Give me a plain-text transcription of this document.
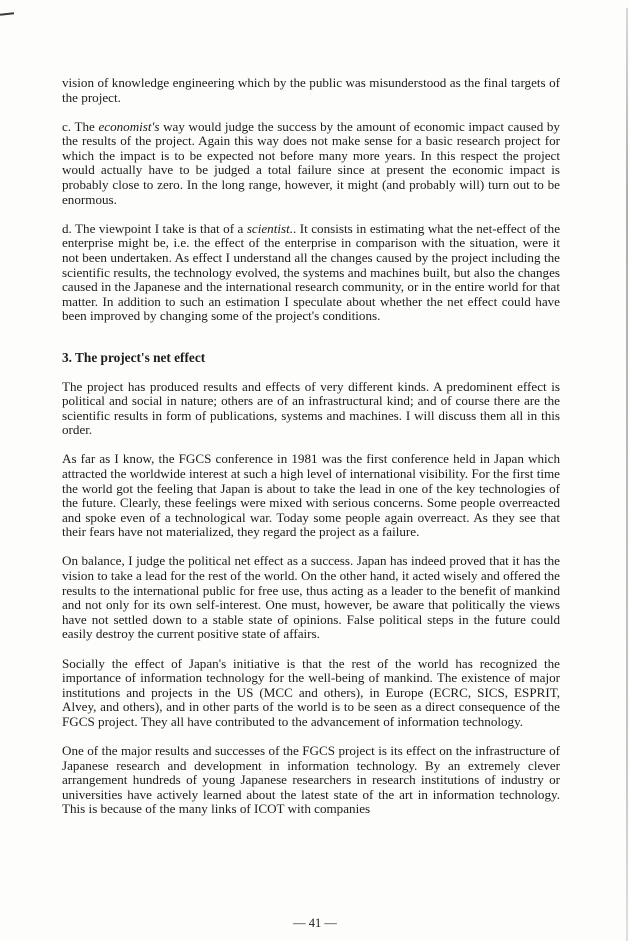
vision of knowledge engineering which by the public was misunderstood as the final targets of the project.

c. The economist's way would judge the success by the amount of economic impact caused by the results of the project. Again this way does not make sense for a basic research project for which the impact is to be expected not before many more years. In this respect the project would actually have to be judged a total failure since at present the economic impact is probably close to zero. In the long range, however, it might (and probably will) turn out to be enormous.

d. The viewpoint I take is that of a scientist.. It consists in estimating what the net-effect of the enterprise might be, i.e. the effect of the enterprise in comparison with the situation, were it not been undertaken. As effect I understand all the changes caused by the project including the scientific results, the technology evolved, the systems and machines built, but also the changes caused in the Japanese and the international research community, or in the entire world for that matter. In addition to such an estimation I speculate about whether the net effect could have been improved by changing some of the project's conditions.

3. The project's net effect

The project has produced results and effects of very different kinds. A predominent effect is political and social in nature; others are of an infrastructural kind; and of course there are the scientific results in form of publications, systems and machines. I will discuss them all in this order.

As far as I know, the FGCS conference in 1981 was the first conference held in Japan which attracted the worldwide interest at such a high level of international visibility. For the first time the world got the feeling that Japan is about to take the lead in one of the key technologies of the future. Clearly, these feelings were mixed with serious concerns. Some people overreacted and spoke even of a technological war. Today some people again overreact. As they see that their fears have not materialized, they regard the project as a failure.

On balance, I judge the political net effect as a success. Japan has indeed proved that it has the vision to take a lead for the rest of the world. On the other hand, it acted wisely and offered the results to the international public for free use, thus acting as a leader to the benefit of mankind and not only for its own self-interest. One must, however, be aware that politically the views have not settled down to a stable state of opinions. False political steps in the future could easily destroy the current positive state of affairs.

Socially the effect of Japan's initiative is that the rest of the world has recognized the importance of information technology for the well-being of mankind. The existence of major institutions and projects in the US (MCC and others), in Europe (ECRC, SICS, ESPRIT, Alvey, and others), and in other parts of the world is to be seen as a direct consequence of the FGCS project. They all have contributed to the advancement of information technology.

One of the major results and successes of the FGCS project is its effect on the infrastructure of Japanese research and development in information technology. By an extremely clever arrangement hundreds of young Japanese researchers in research institutions of industry or universities have actively learned about the latest state of the art in information technology. This is because of the many links of ICOT with companies

— 41 —
